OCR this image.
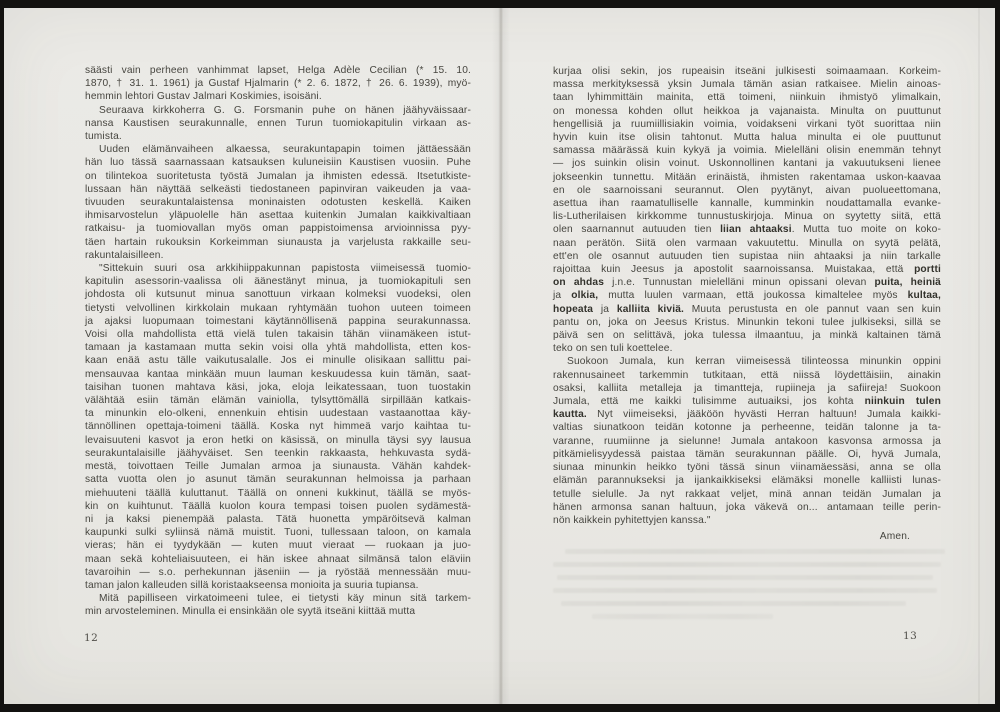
säästi vain perheen vanhimmat lapset, Helga Adèle Cecilian (* 15. 10.
1870, † 31. 1. 1961) ja Gustaf Hjalmarin (* 2. 6. 1872, † 26. 6. 1939), myö-
hemmin lehtori Gustav Jalmari Koskimies, isoisäni.
Seuraava kirkkoherra G. G. Forsmanin puhe on hänen jäähyväissaar-
nansa Kaustisen seurakunnalle, ennen Turun tuomiokapitulin virkaan as-
tumista.
Uuden elämänvaiheen alkaessa, seurakuntapapin toimen jättäessään
hän luo tässä saarnassaan katsauksen kuluneisiin Kaustisen vuosiin. Puhe
on tilintekoa suoritetusta työstä Jumalan ja ihmisten edessä. Itsetutkiste-
lussaan hän näyttää selkeästi tiedostaneen papinviran vaikeuden ja vaa-
tivuuden seurakuntalaistensa moninaisten odotusten keskellä. Kaiken
ihmisarvostelun yläpuolelle hän asettaa kuitenkin Jumalan kaikkivaltiaan
ratkaisu- ja tuomiovallan myös oman pappistoimensa arvioinnissa pyy-
täen hartain rukouksin Korkeimman siunausta ja varjelusta rakkaille seu-
rakuntalaisilleen.
"Sittekuin suuri osa arkkihiippakunnan papistosta viimeisessä tuomio-
kapitulin asessorin-vaalissa oli äänestänyt minua, ja tuomiokapituli sen
johdosta oli kutsunut minua sanottuun virkaan kolmeksi vuodeksi, olen
tietysti velvollinen kirkkolain mukaan ryhtymään tuohon uuteen toimeen
ja ajaksi luopumaan toimestani käytännöllisenä pappina seurakunnassa.
Voisi olla mahdollista että vielä tulen takaisin tähän viinamäkeen istut-
tamaan ja kastamaan mutta sekin voisi olla yhtä mahdollista, etten kos-
kaan enää astu tälle vaikutusalalle. Jos ei minulle olisikaan sallittu pai-
mensauvaa kantaa minkään muun lauman keskuudessa kuin tämän, saat-
taisihan tuonen mahtava käsi, joka, eloja leikatessaan, tuon tuostakin
välähtää esiin tämän elämän vainiolla, tylsyttömällä sirpillään katkais-
ta minunkin elo-olkeni, ennenkuin ehtisin uudestaan vastaanottaa käy-
tännöllinen opettaja-toimeni täällä. Koska nyt himmeä varjo kaihtaa tu-
levaisuuteni kasvot ja eron hetki on käsissä, on minulla täysi syy lausua
seurakuntalaisille jäähyväiset. Sen teenkin rakkaasta, hehkuvasta sydä-
mestä, toivottaen Teille Jumalan armoa ja siunausta. Vähän kahdek-
satta vuotta olen jo asunut tämän seurakunnan helmoissa ja parhaan
miehuuteni täällä kuluttanut. Täällä on onneni kukkinut, täällä se myös-
kin on kuihtunut. Täällä kuolon koura tempasi toisen puolen sydämestä-
ni ja kaksi pienempää palasta. Tätä huonetta ympäröitsevä kalman
kaupunki sulki syliinsä nämä muistit. Tuoni, tullessaan taloon, on kamala
vieras; hän ei tyydykään — kuten muut vieraat — ruokaan ja juo-
maan sekä kohteliaisuuteen, ei hän iskee ahnaat silmänsä talon eläviin
tavaroihin — s.o. perhekunnan jäseniin — ja ryöstää mennessään muu-
taman jalon kalleuden sillä koristaakseensa monioita ja suuria tupiansa.
Mitä papilliseen virkatoimeeni tulee, ei tietysti käy minun sitä tarkem-
min arvosteleminen. Minulla ei ensinkään ole syytä itseäni kiittää mutta
12
kurjaa olisi sekin, jos rupeaisin itseäni julkisesti soimaamaan. Korkeim-
massa merkityksessä yksin Jumala tämän asian ratkaisee. Mielin ainoas-
taan lyhimmittäin mainita, että toimeni, niinkuin ihmistyö ylimalkain,
on monessa kohden ollut heikkoa ja vajanaista. Minulta on puuttunut
hengellisiä ja ruumiillisiakin voimia, voidakseni virkani työt suorittaa niin
hyvin kuin itse olisin tahtonut. Mutta halua minulta ei ole puuttunut
samassa määrässä kuin kykyä ja voimia. Mielelläni olisin enemmän tehnyt
— jos suinkin olisin voinut. Uskonnollinen kantani ja vakuutukseni lienee
jokseenkin tunnettu. Mitään erinäistä, ihmisten rakentamaa uskon-kaavaa
en ole saarnoissani seurannut. Olen pyytänyt, aivan puolueettomana,
asettua ihan raamatulliselle kannalle, kumminkin noudattamalla evanke-
lis-Lutherilaisen kirkkomme tunnustuskirjoja. Minua on syytetty siitä, että
olen saarnannut autuuden tien liian ahtaaksi. Mutta tuo moite on koko-
naan perätön. Siitä olen varmaan vakuutettu. Minulla on syytä pelätä,
ett'en ole osannut autuuden tien supistaa niin ahtaaksi ja niin tarkalle
rajoittaa kuin Jeesus ja apostolit saarnoissansa. Muistakaa, että portti
on ahdas j.n.e. Tunnustan mielelläni minun opissani olevan puita, heiniä
ja olkia, mutta luulen varmaan, että joukossa kimaltelee myös kultaa,
hopeata ja kalliita kiviä. Muuta perustusta en ole pannut vaan sen kuin
pantu on, joka on Jeesus Kristus. Minunkin tekoni tulee julkiseksi, sillä se
päivä sen on selittävä, joka tulessa ilmaantuu, ja minkä kaltainen tämä
teko on sen tuli koettelee.
Suokoon Jumala, kun kerran viimeisessä tilinteossa minunkin oppini
rakennusaineet tarkemmin tutkitaan, että niissä löydettäisiin, ainakin
osaksi, kalliita metalleja ja timantteja, rupiineja ja safiireja! Suokoon
Jumala, että me kaikki tulisimme autuaiksi, jos kohta niinkuin tulen
kautta. Nyt viimeiseksi, jääköön hyvästi Herran haltuun! Jumala kaikki-
valtias siunatkoon teidän kotonne ja perheenne, teidän talonne ja ta-
varanne, ruumiinne ja sielunne! Jumala antakoon kasvonsa armossa ja
pitkämielisyydessä paistaa tämän seurakunnan päälle. Oi, hyvä Jumala,
siunaa minunkin heikko työni tässä sinun viinamäessäsi, anna se olla
elämän parannukseksi ja ijankaikkiseksi elämäksi monelle kalliisti lunas-
tetulle sielulle. Ja nyt rakkaat veljet, minä annan teidän Jumalan ja
hänen armonsa sanan haltuun, joka väkevä on... antamaan teille perin-
nön kaikkein pyhitettyjen kanssa."
Amen.
13
